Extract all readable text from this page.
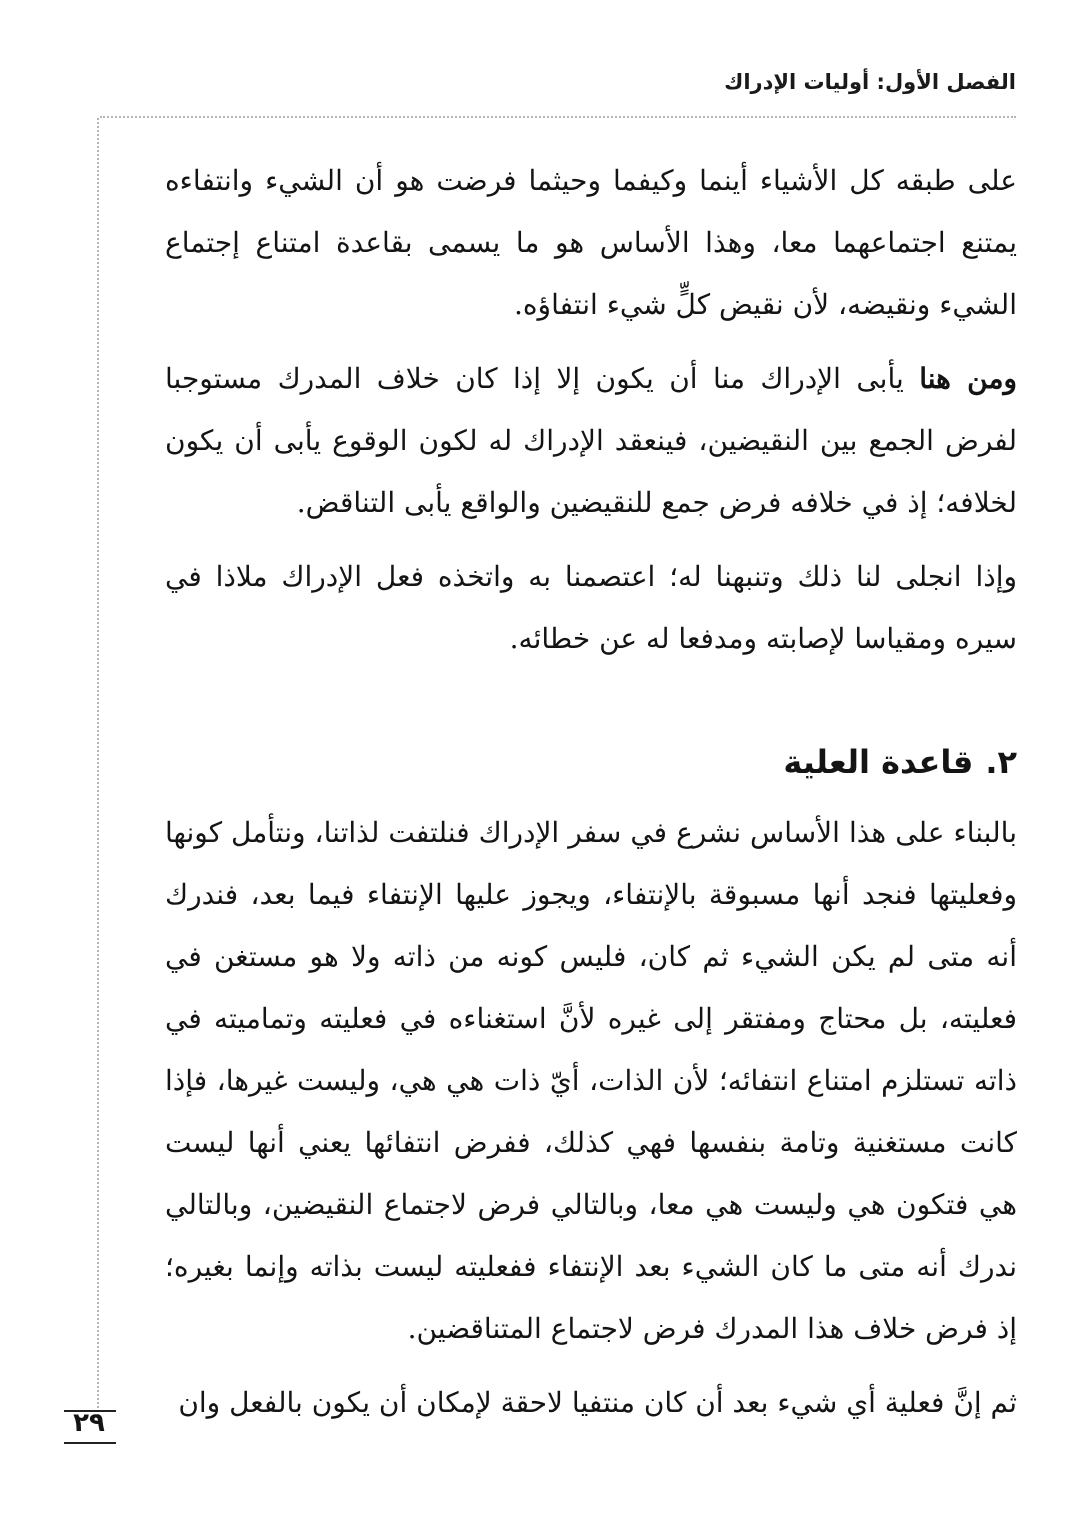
الفصل الأول: أوليات الإدراك

على طبقه كل الأشياء أينما وكيفما وحيثما فرضت هو أن الشيء وانتفاءه يمتنع اجتماعهما معا، وهذا الأساس هو ما يسمى بقاعدة امتناع إجتماع الشيء ونقيضه، لأن نقيض كلٍّ شيء انتفاؤه.

ومن هنا يأبى الإدراك منا أن يكون إلا إذا كان خلاف المدرك مستوجبا لفرض الجمع بين النقيضين، فينعقد الإدراك له لكون الوقوع يأبى أن يكون لخلافه؛ إذ في خلافه فرض جمع للنقيضين والواقع يأبى التناقض.

وإذا انجلى لنا ذلك وتنبهنا له؛ اعتصمنا به واتخذه فعل الإدراك ملاذا في سيره ومقياسا لإصابته ومدفعا له عن خطائه.

٢.قاعدة العلية

بالبناء على هذا الأساس نشرع في سفر الإدراك فنلتفت لذاتنا، ونتأمل كونها وفعليتها فنجد أنها مسبوقة بالإنتفاء، ويجوز عليها الإنتفاء فيما بعد، فندرك أنه متى لم يكن الشيء ثم كان، فليس كونه من ذاته ولا هو مستغن في فعليته، بل محتاج ومفتقر إلى غيره لأنَّ استغناءه في فعليته وتماميته في ذاته تستلزم امتناع انتفائه؛ لأن الذات، أيّ ذات هي هي، وليست غيرها، فإذا كانت مستغنية وتامة بنفسها فهي كذلك، ففرض انتفائها يعني أنها ليست هي فتكون هي وليست هي معا، وبالتالي فرض لاجتماع النقيضين، وبالتالي ندرك أنه متى ما كان الشيء بعد الإنتفاء ففعليته ليست بذاته وإنما بغيره؛ إذ فرض خلاف هذا المدرك فرض لاجتماع المتناقضين.

ثم إنَّ فعلية أي شيء بعد أن كان منتفيا لاحقة لإمكان أن يكون بالفعل وان

٢٩
